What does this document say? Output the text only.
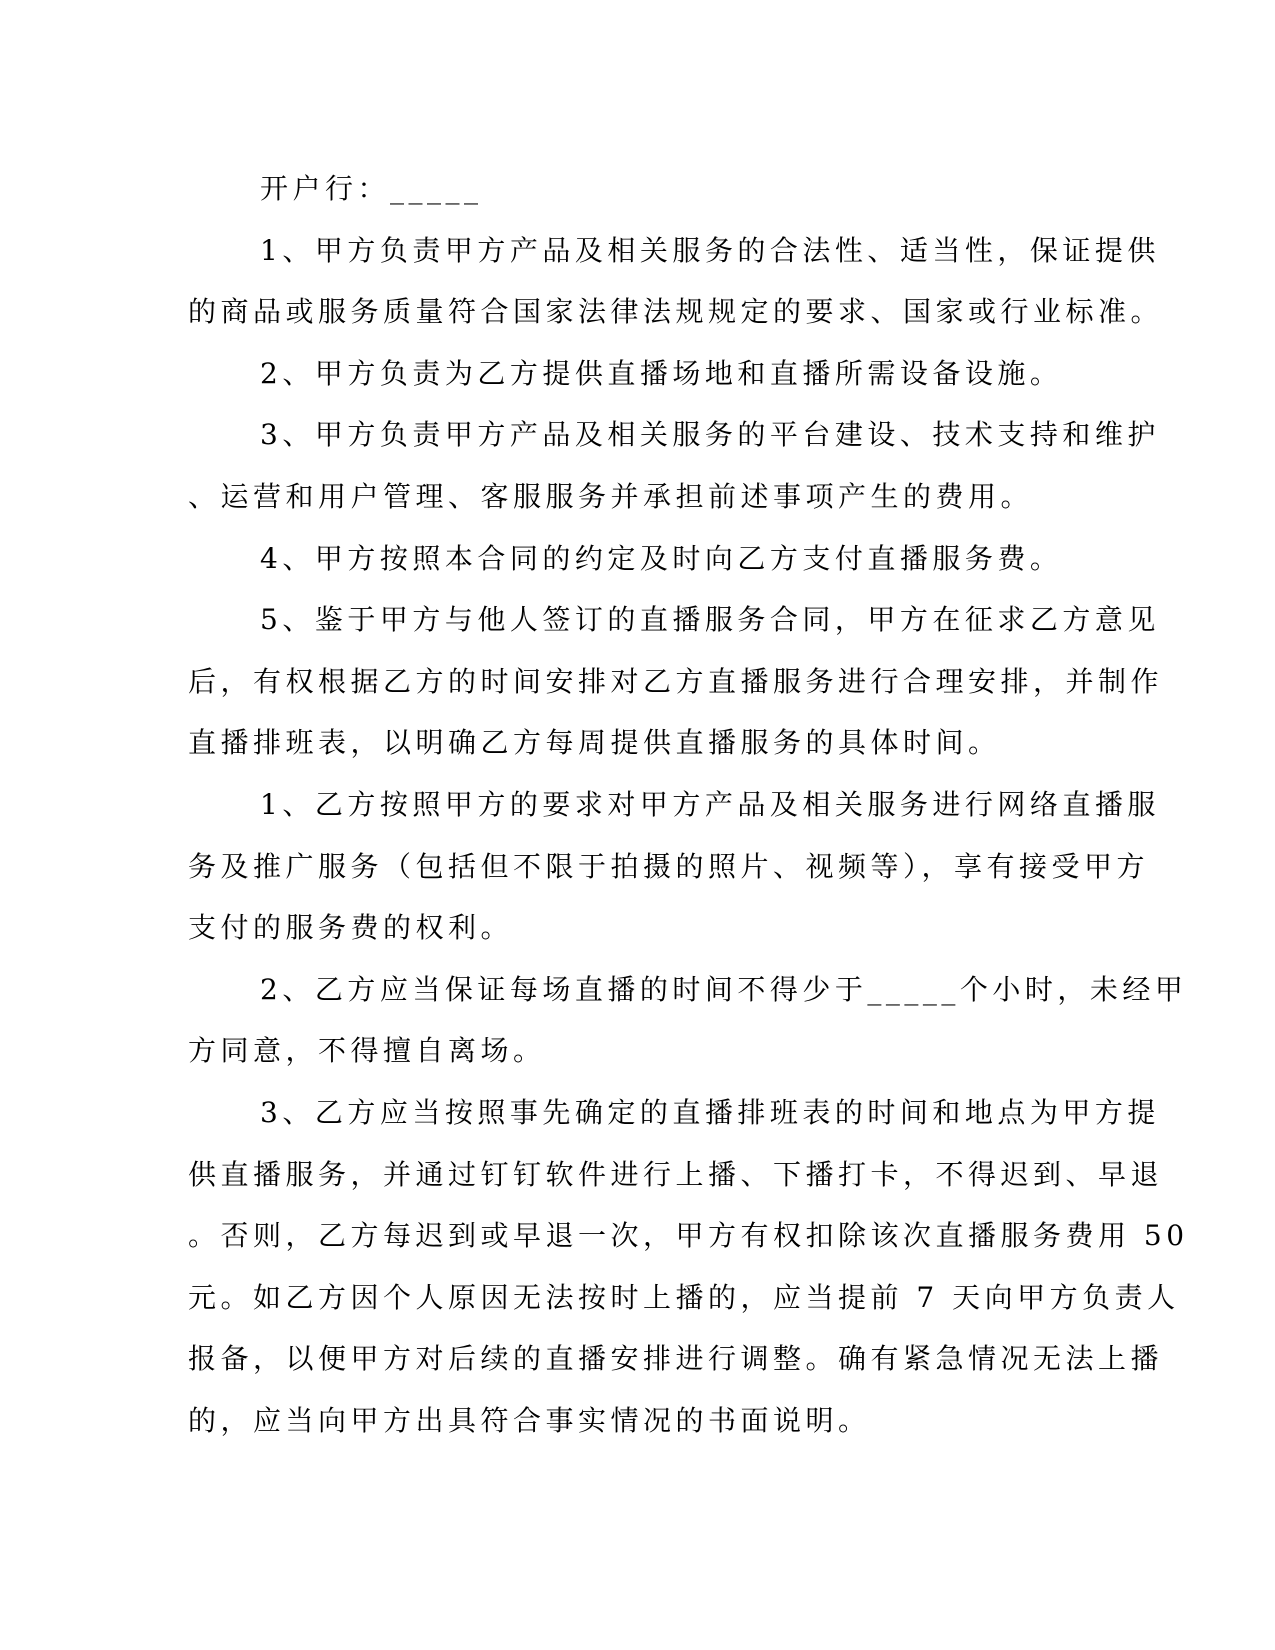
开户行：_____
1、甲方负责甲方产品及相关服务的合法性、适当性，保证提供
的商品或服务质量符合国家法律法规规定的要求、国家或行业标准。
2、甲方负责为乙方提供直播场地和直播所需设备设施。
3、甲方负责甲方产品及相关服务的平台建设、技术支持和维护
、运营和用户管理、客服服务并承担前述事项产生的费用。
4、甲方按照本合同的约定及时向乙方支付直播服务费。
5、鉴于甲方与他人签订的直播服务合同，甲方在征求乙方意见
后，有权根据乙方的时间安排对乙方直播服务进行合理安排，并制作
直播排班表，以明确乙方每周提供直播服务的具体时间。
1、乙方按照甲方的要求对甲方产品及相关服务进行网络直播服
务及推广服务（包括但不限于拍摄的照片、视频等），享有接受甲方
支付的服务费的权利。
2、乙方应当保证每场直播的时间不得少于_____个小时，未经甲
方同意，不得擅自离场。
3、乙方应当按照事先确定的直播排班表的时间和地点为甲方提
供直播服务，并通过钉钉软件进行上播、下播打卡，不得迟到、早退
。否则，乙方每迟到或早退一次，甲方有权扣除该次直播服务费用 50
元。如乙方因个人原因无法按时上播的，应当提前 7 天向甲方负责人
报备，以便甲方对后续的直播安排进行调整。确有紧急情况无法上播
的，应当向甲方出具符合事实情况的书面说明。
